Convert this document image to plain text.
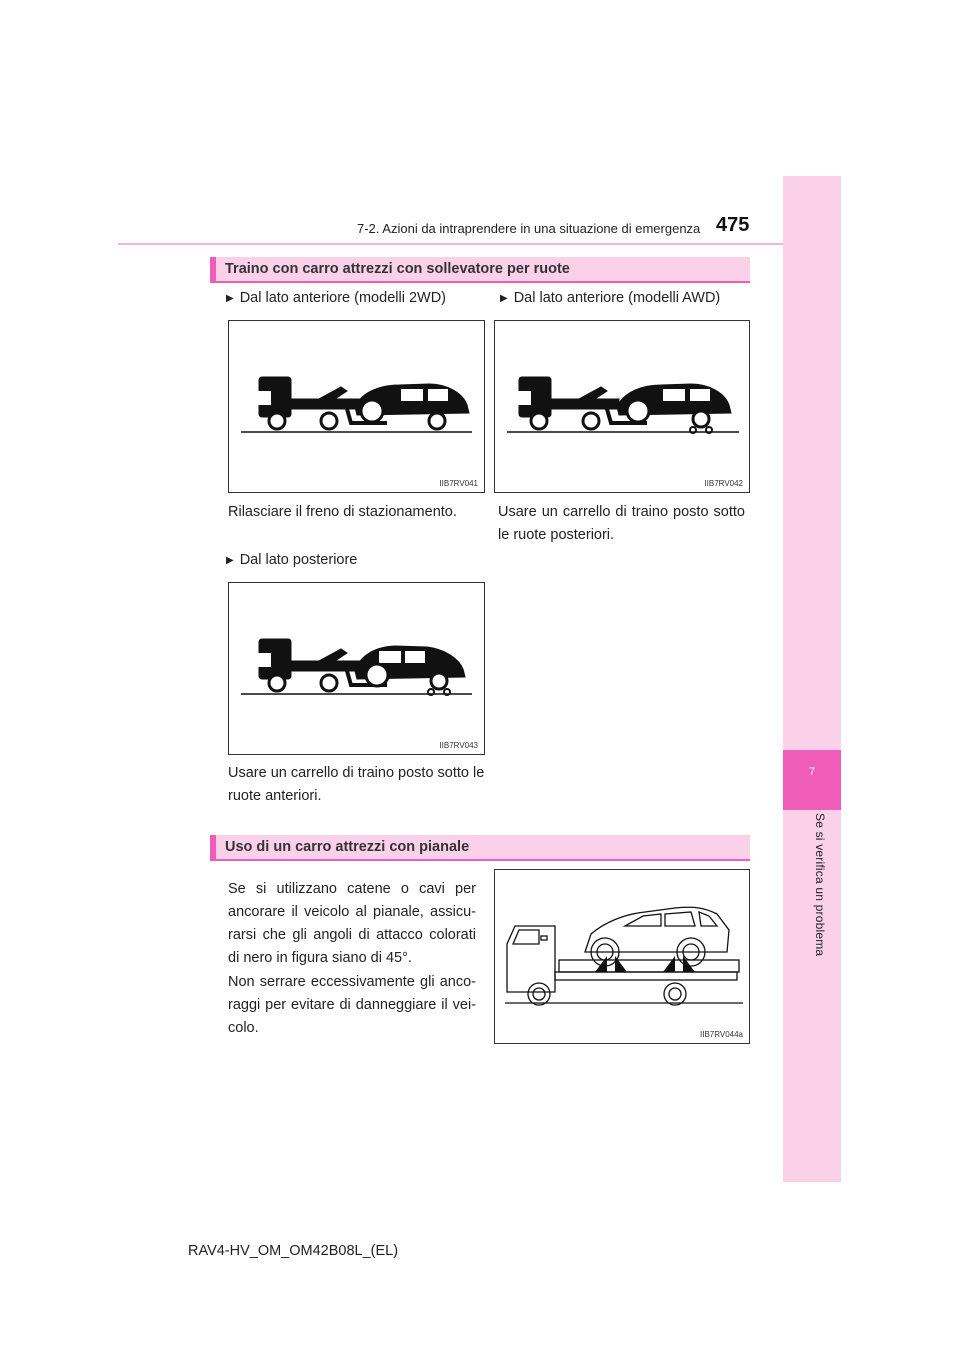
7-2. Azioni da intraprendere in una situazione di emergenza 475
7
Se si verifica un problema
Traino con carro attrezzi con sollevatore per ruote
▶ Dal lato anteriore (modelli 2WD)
IIB7RV041
Rilasciare il freno di stazionamento.
▶ Dal lato anteriore (modelli AWD)
IIB7RV042
Usare un carrello di traino posto sotto le ruote posteriori.
▶ Dal lato posteriore
IIB7RV043
Usare un carrello di traino posto sotto le ruote anteriori.
Uso di un carro attrezzi con pianale
Se si utilizzano catene o cavi per ancorare il veicolo al pianale, assicu-rarsi che gli angoli di attacco colorati di nero in figura siano di 45°.
Non serrare eccessivamente gli anco-raggi per evitare di danneggiare il vei-colo.	IIB7RV044a
RAV4-HV_OM_OM42B08L_(EL)
